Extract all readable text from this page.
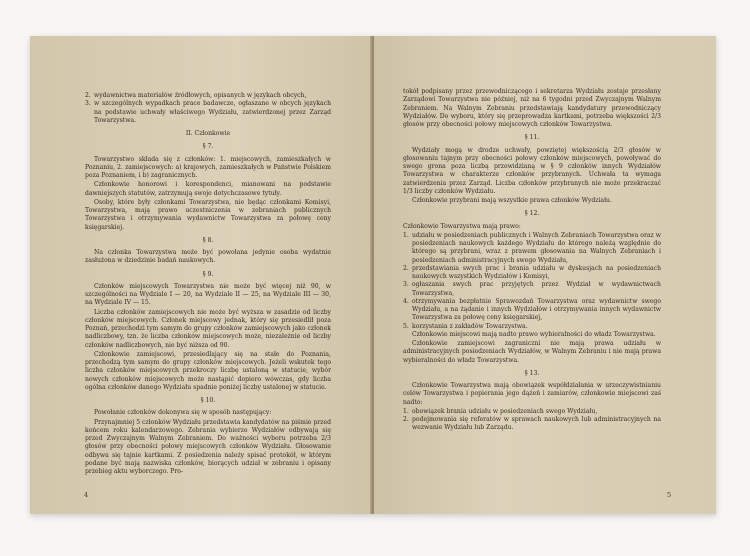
2. wydawnictwa materiałów źródłowych, opisanych w językach obcych,

3. w szczególnych wypadkach prace badawcze, ogłaszane w obcych językach na podstawie uchwały właściwego Wydziału, zatwierdzonej przez Zarząd Towarzystwa.

II. Członkowie

§ 7.

Towarzystwo składa się z członków: 1. miejscowych, zamieszkałych w Poznaniu, 2. zamiejscowych: a) krajowych, zamieszkałych w Państwie Polskiem poza Poznaniem, i b) zagranicznych.

Członkowie honorowi i korespondenci, mianowani na podstawie dawniejszych statutów, zatrzymują swoje dotychczasowe tytuły.

Osoby, które były członkami Towarzystwa, nie będąc członkami Komisyi, Towarzystwa, mają prawo uczestniczenia w zebraniach publicznych Towarzystwa i otrzymywania wydawnictw Towarzystwa za połowę ceny księgarskiej.

§ 8.

Na członka Towarzystwa może być powołana jedynie osoba wydatnie zasłużona w dziedzinie badań naukowych.

§ 9.

Członków miejscowych Towarzystwa nie może być więcej niż 90, w szczególności na Wydziale I — 20, na Wydziale II — 25, na Wydziale III — 30, na Wydziale IV — 15.

Liczba członków zamiejscowych nie może być wyższa w zasadzie od liczby członków miejscowych. Członek miejscowy jednak, który się przesiedlił poza Poznań, przechodzi tym samym do grupy członków zamiejscowych jako członek nadliczbowy, tzn. że liczba członków miejscowych może, niezależnie od liczby członków nadliczbowych, nie być niższa od 90.

Członkowie zamiejscowi, przesiedlający się na stałe do Poznania, przechodzą tym samym do grupy członków miejscowych. Jeżeli wskutek tego liczba członków miejscowych przekroczy liczbę ustaloną w statucie, wybór nowych członków miejscowych może nastąpić dopiero wówczas, gdy liczba ogólna członków danego Wydziału spadnie poniżej liczby ustalonej w statucie.

§ 10.

Powołanie członków dokonywa się w sposób następujący:

Przynajmniej 5 członków Wydziału przedstawia kandydatów na piśmie przed końcem roku kalendarzowego. Zebrania wybierze Wydziałów odbywają się przed Zwyczajnym Walnym Zebraniem. Do ważności wyboru potrzeba 2/3 głosów przy obecności połowy miejscowych członków Wydziału. Głosowanie odbywa się tajnie kartkami. Z posiedzenia należy spisać protokół, w którym podane być mają nazwiska członków, biorących udział w zebraniu i opisany przebieg aktu wyborczego. Pro-

4

tokół podpisany przez przewodniczącego i sekretarza Wydziału zostaje przesłany Zarządowi Towarzystwa nie później, niż na 6 tygodni przed Zwyczajnym Walnym Zebraniem. Na Walnym Zebraniu przedstawiają kandydatury przewodniczący Wydziałów. Do wyboru, który się przeprowadza kartkami, potrzeba większości 2/3 głosów przy obecności połowy miejscowych członków Towarzystwa.

§ 11.

Wydziały mogą w drodze uchwały, powziętej większością 2/3 głosów w głosowaniu tajnym przy obecności połowy członków miejscowych, powoływać do swego grona poza liczbą przewidzianą w § 9 członków innych Wydziałów Towarzystwa w charakterze członków przybranych. Uchwała ta wymaga zatwierdzenia przez Zarząd. Liczba członków przybranych nie może przekraczać 1/3 liczby członków Wydziału.

Członkowie przybrani mają wszystkie prawa członków Wydziału.

§ 12.

Członkowie Towarzystwa mają prawo:

1. udziału w posiedzeniach publicznych i Walnych Zebraniach Towarzystwa oraz w posiedzeniach naukowych każdego Wydziału do którego należą względnie do którego są przybrani, wraz z prawem głosowania na Walnych Zebraniach i posiedzeniach administracyjnych swego Wydziału,

2. przedstawiania swych prac i brania udziału w dyskusjach na posiedzeniach naukowych wszystkich Wydziałów i Komisyi,

3. ogłaszania swych prac przyjętych przez Wydział w wydawnictwach Towarzystwa,

4. otrzymywania bezpłatnie Sprawozdań Towarzystwa oraz wydawnictw swego Wydziału, a na żądanie i innych Wydziałów i otrzymywania innych wydawnictw Towarzystwa za połowę ceny księgarskiej,

5. korzystania z zakładów Towarzystwa.

Członkowie miejscowi mają nadto prawo wybieralności do władz Towarzystwa.

Członkowie zamiejscowi zagraniczni nie mają prawa udziału w administracyjnych posiedzeniach Wydziałów, w Walnym Zebraniu i nie mają prawa wybieralności do władz Towarzystwa.

§ 13.

Członkowie Towarzystwa mają obowiązek współdziałania w urzeczywistnianiu celów Towarzystwa i popierania jego dążeń i zamiarów, członkowie miejscowi zaś nadto:

1. obowiązek brania udziału w posiedzeniach swego Wydziału,

2. podejmowania się referatów w sprawach naukowych lub administracyjnych na wezwanie Wydziału lub Zarządu.

5
